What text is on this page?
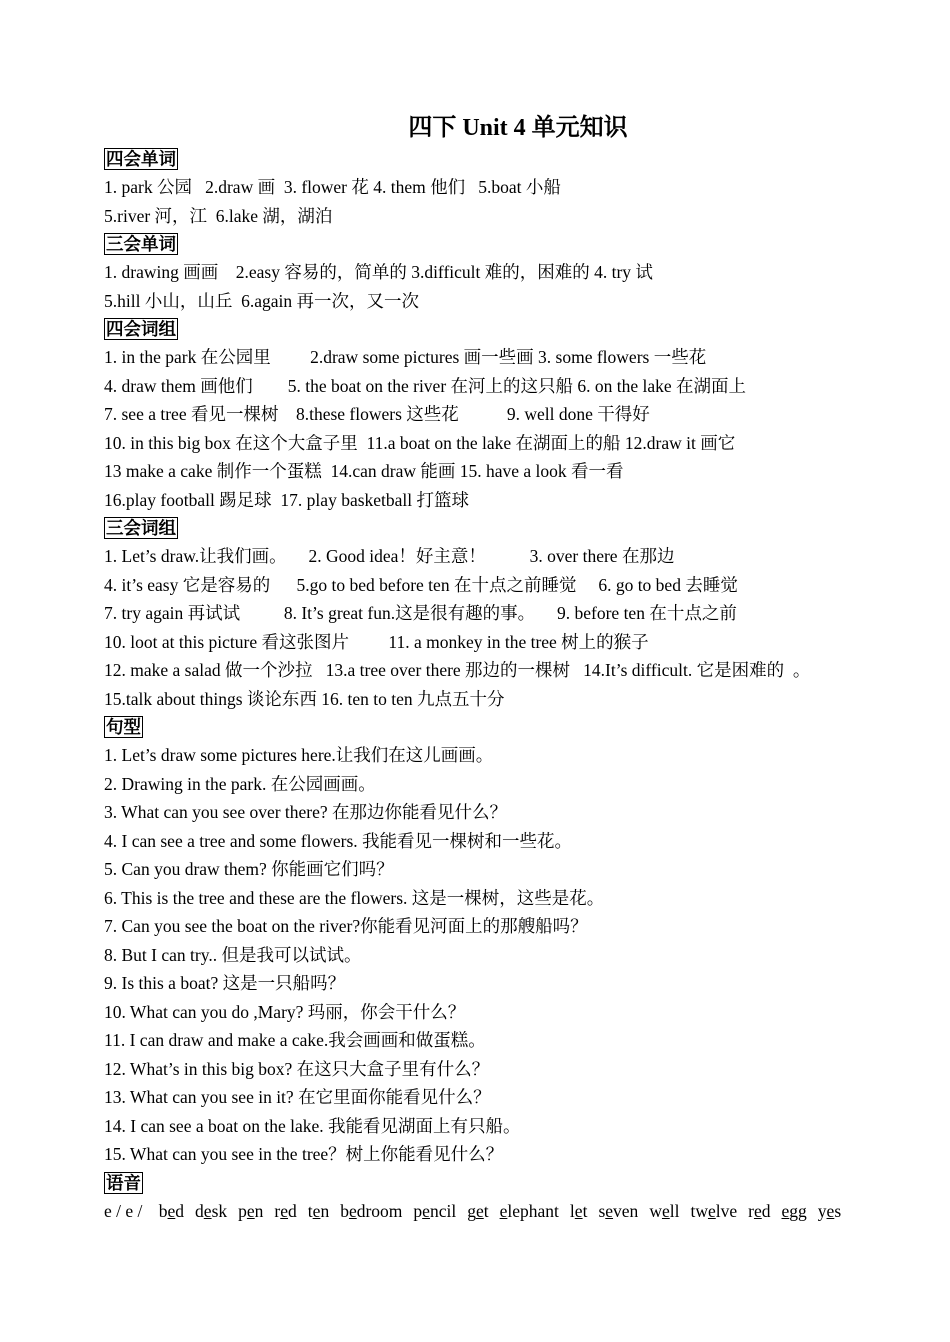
四下 Unit 4 单元知识
四会单词
1. park 公园   2.draw 画  3. flower 花 4. them 他们   5.boat 小船
5.river 河，江  6.lake 湖，湖泊
三会单词
1. drawing 画画    2.easy 容易的，简单的 3.difficult 难的，困难的 4. try 试
5.hill 小山，山丘  6.again 再一次，又一次
四会词组
1. in the park 在公园里         2.draw some pictures 画一些画 3. some flowers 一些花
4. draw them 画他们        5. the boat on the river 在河上的这只船 6. on the lake 在湖面上
7. see a tree 看见一棵树    8.these flowers 这些花           9. well done 干得好
10. in this big box 在这个大盒子里  11.a boat on the lake 在湖面上的船 12.draw it 画它
13 make a cake 制作一个蛋糕  14.can draw 能画 15. have a look 看一看
16.play football 踢足球  17. play basketball 打篮球
三会词组
1. Let’s draw.让我们画。     2. Good idea！好主意！          3. over there 在那边
4. it’s easy 它是容易的      5.go to bed before ten 在十点之前睡觉     6. go to bed 去睡觉
7. try again 再试试          8. It’s great fun.这是很有趣的事。     9. before ten 在十点之前
10. loot at this picture 看这张图片         11. a monkey in the tree 树上的猴子
12. make a salad 做一个沙拉   13.a tree over there 那边的一棵树   14.It’s difficult. 它是困难的  。
15.talk about things 谈论东西 16. ten to ten 九点五十分
句型
1. Let’s draw some pictures here.让我们在这儿画画。
2. Drawing in the park. 在公园画画。
3. What can you see over there? 在那边你能看见什么？
4. I can see a tree and some flowers. 我能看见一棵树和一些花。
5. Can you draw them? 你能画它们吗？
6. This is the tree and these are the flowers. 这是一棵树，这些是花。
7. Can you see the boat on the river?你能看见河面上的那艘船吗？
8. But I can try.. 但是我可以试试。
9. Is this a boat? 这是一只船吗？
10. What can you do ,Mary? 玛丽，你会干什么？
11. I can draw and make a cake.我会画画和做蛋糕。
12. What’s in this big box? 在这只大盒子里有什么？
13. What can you see in it? 在它里面你能看见什么？
14. I can see a boat on the lake. 我能看见湖面上有只船。
15. What can you see in the tree？树上你能看见什么？
语音
e / e / bed desk pen red ten bedroom pencil get elephant let seven well twelve red egg yes
